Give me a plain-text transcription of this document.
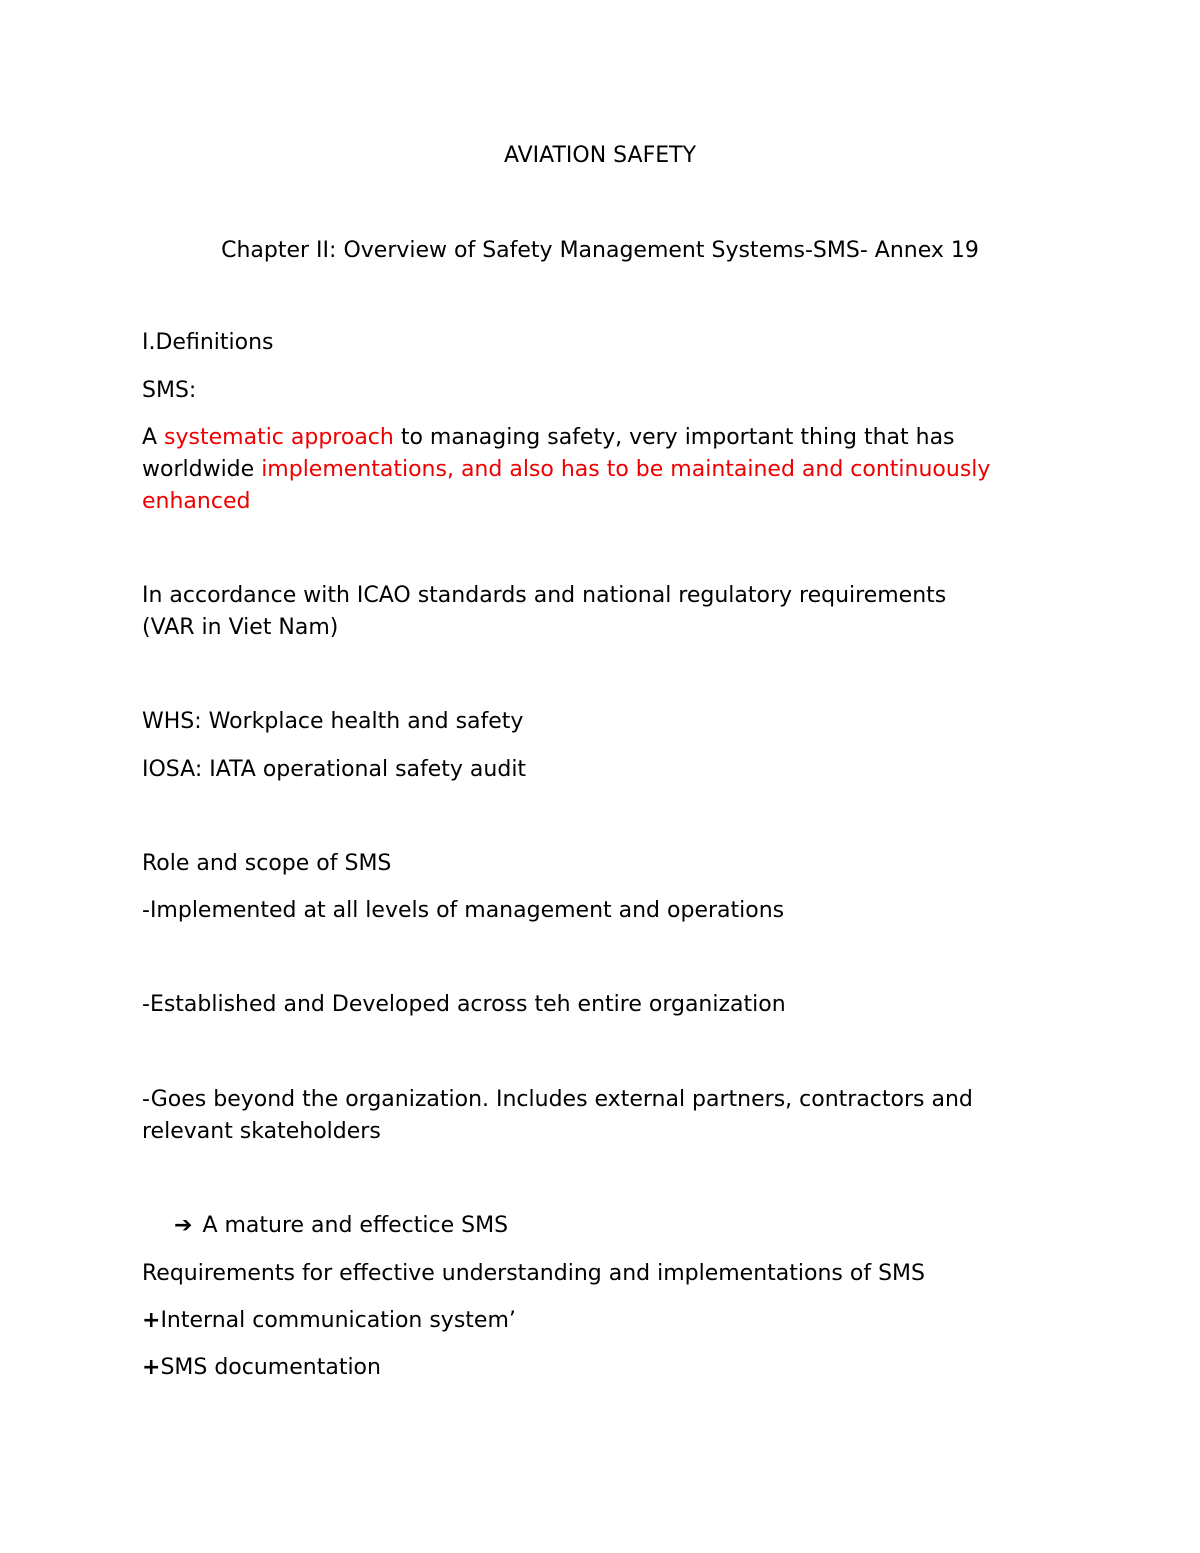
AVIATION SAFETY

Chapter II: Overview of Safety Management Systems-SMS- Annex 19

I.Definitions

SMS:

A systematic approach to managing safety, very important thing that has

worldwide implementations, and also has to be maintained and continuously

enhanced

In accordance with ICAO standards and national regulatory requirements

(VAR in Viet Nam)

WHS: Workplace health and safety

IOSA: IATA operational safety audit

Role and scope of SMS

-Implemented at all levels of management and operations

-Established and Developed across teh entire organization

-Goes beyond the organization. Includes external partners, contractors and

relevant skateholders

➔ A mature and effectice SMS

Requirements for effective understanding and implementations of SMS

+Internal communication system’

+SMS documentation
